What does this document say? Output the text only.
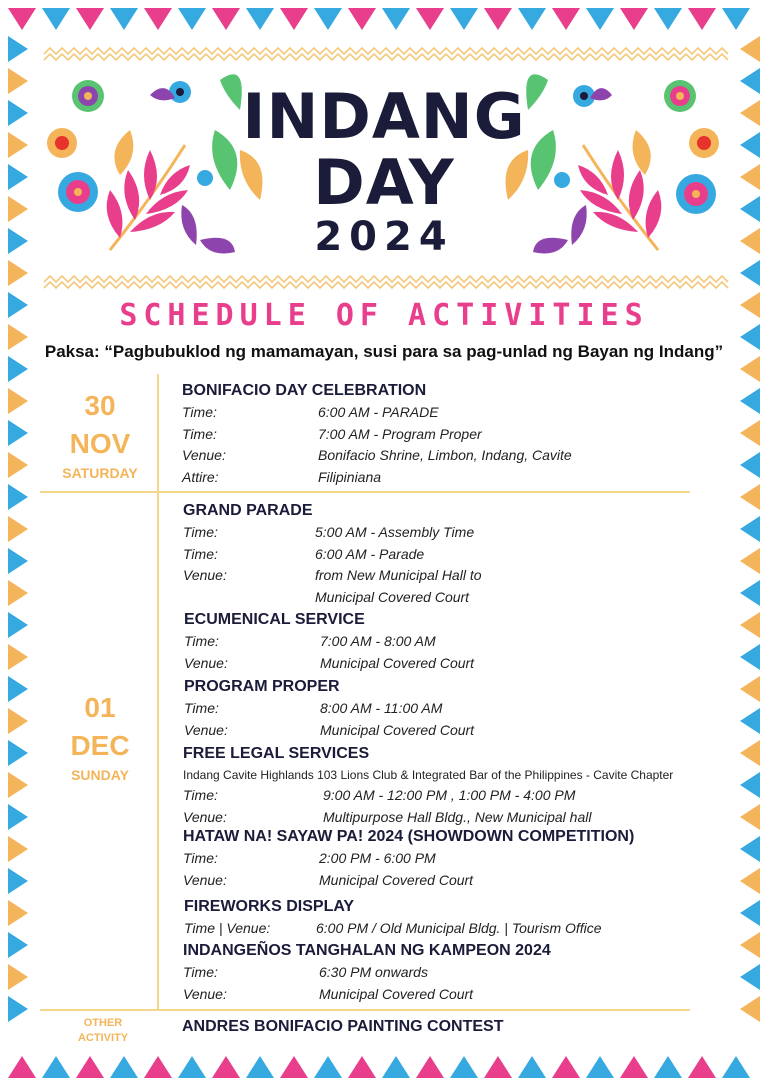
INDANG
DAY
2024
SCHEDULE OF ACTIVITIES
Paksa: “Pagbubuklod ng mamamayan, susi para sa pag-unlad ng Bayan ng Indang”
30
NOV
SATURDAY
BONIFACIO DAY CELEBRATION
Time:	6:00 AM - PARADE
Time:	7:00 AM - Program Proper
Venue:	Bonifacio Shrine, Limbon, Indang, Cavite
Attire:	Filipiniana
01
DEC
SUNDAY
GRAND PARADE
Time:	5:00 AM - Assembly Time
Time:	6:00 AM - Parade
Venue:	from New Municipal Hall to
Municipal Covered Court
ECUMENICAL SERVICE
Time:	7:00 AM - 8:00 AM
Venue:	Municipal Covered Court
PROGRAM PROPER
Time:	8:00 AM - 11:00 AM
Venue:	Municipal Covered Court
FREE LEGAL SERVICES
Indang Cavite Highlands 103 Lions Club & Integrated Bar of the Philippines - Cavite Chapter
Time:	9:00 AM - 12:00 PM , 1:00 PM - 4:00 PM
Venue:	Multipurpose Hall Bldg., New Municipal hall
HATAW NA! SAYAW PA! 2024 (SHOWDOWN COMPETITION)
Time:	2:00 PM - 6:00 PM
Venue:	Municipal Covered Court
FIREWORKS DISPLAY
Time | Venue:	6:00 PM / Old Municipal Bldg. | Tourism Office
INDANGEÑOS TANGHALAN NG KAMPEON 2024
Time:	6:30 PM onwards
Venue:	Municipal Covered Court
OTHER
ACTIVITY
ANDRES BONIFACIO PAINTING CONTEST
